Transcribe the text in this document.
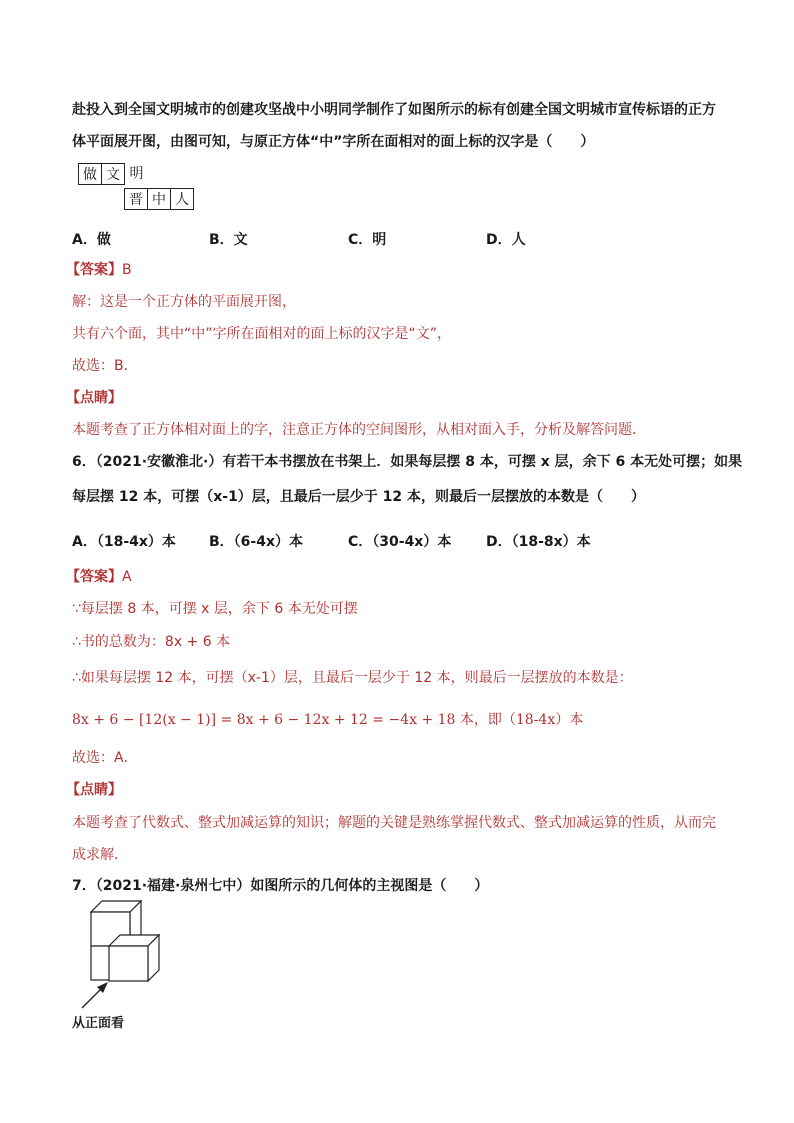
赴投入到全国文明城市的创建攻坚战中小明同学制作了如图所示的标有创建全国文明城市宣传标语的正方
体平面展开图，由图可知，与原正方体“中”字所在面相对的面上标的汉字是（　　）
做 文 明
晋 中 人
A．做	B．文	C．明	D．人
【答案】B
解：这是一个正方体的平面展开图，
共有六个面，其中“中”字所在面相对的面上标的汉字是“文”，
故选：B．
【点睛】
本题考查了正方体相对面上的字，注意正方体的空间图形，从相对面入手，分析及解答问题．
6．（2021·安徽淮北·）有若干本书摆放在书架上．如果每层摆 8 本，可摆 x 层，余下 6 本无处可摆；如果
每层摆 12 本，可摆（x-1）层，且最后一层少于 12 本，则最后一层摆放的本数是（　　）
A．（18-4x）本 B．（6-4x）本	C．（30-4x）本 D．（18-8x）本
【答案】A
∵每层摆 8 本，可摆 x 层，余下 6 本无处可摆
∴书的总数为：8x + 6 本
∴如果每层摆 12 本，可摆（x-1）层，且最后一层少于 12 本，则最后一层摆放的本数是：
8x + 6 − [12(x − 1)] = 8x + 6 − 12x + 12 = −4x + 18 本，即（18-4x）本
故选：A．
【点睛】
本题考查了代数式、整式加减运算的知识；解题的关键是熟练掌握代数式、整式加减运算的性质，从而完
成求解．
7．（2021·福建·泉州七中）如图所示的几何体的主视图是（　　）
从正面看
